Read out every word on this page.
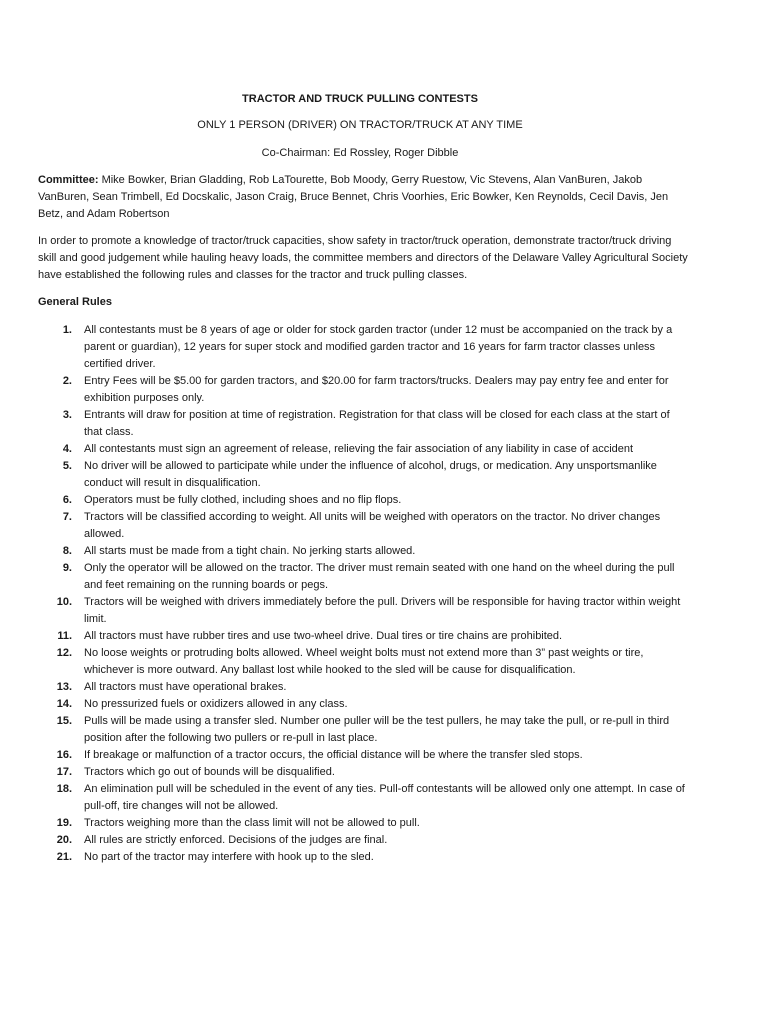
TRACTOR AND TRUCK PULLING CONTESTS
ONLY 1 PERSON (DRIVER) ON TRACTOR/TRUCK AT ANY TIME
Co-Chairman: Ed Rossley, Roger Dibble
Committee: Mike Bowker, Brian Gladding, Rob LaTourette, Bob Moody, Gerry Ruestow, Vic Stevens, Alan VanBuren, Jakob VanBuren, Sean Trimbell, Ed Docskalic, Jason Craig, Bruce Bennet, Chris Voorhies, Eric Bowker, Ken Reynolds, Cecil Davis, Jen Betz, and Adam Robertson
In order to promote a knowledge of tractor/truck capacities, show safety in tractor/truck operation, demonstrate tractor/truck driving skill and good judgement while hauling heavy loads, the committee members and directors of the Delaware Valley Agricultural Society have established the following rules and classes for the tractor and truck pulling classes.
General Rules
1. All contestants must be 8 years of age or older for stock garden tractor (under 12 must be accompanied on the track by a parent or guardian), 12 years for super stock and modified garden tractor and 16 years for farm tractor classes unless certified driver.
2. Entry Fees will be $5.00 for garden tractors, and $20.00 for farm tractors/trucks. Dealers may pay entry fee and enter for exhibition purposes only.
3. Entrants will draw for position at time of registration. Registration for that class will be closed for each class at the start of that class.
4. All contestants must sign an agreement of release, relieving the fair association of any liability in case of accident
5. No driver will be allowed to participate while under the influence of alcohol, drugs, or medication. Any unsportsmanlike conduct will result in disqualification.
6. Operators must be fully clothed, including shoes and no flip flops.
7. Tractors will be classified according to weight. All units will be weighed with operators on the tractor. No driver changes allowed.
8. All starts must be made from a tight chain. No jerking starts allowed.
9. Only the operator will be allowed on the tractor. The driver must remain seated with one hand on the wheel during the pull and feet remaining on the running boards or pegs.
10. Tractors will be weighed with drivers immediately before the pull. Drivers will be responsible for having tractor within weight limit.
11. All tractors must have rubber tires and use two-wheel drive. Dual tires or tire chains are prohibited.
12. No loose weights or protruding bolts allowed. Wheel weight bolts must not extend more than 3” past weights or tire, whichever is more outward. Any ballast lost while hooked to the sled will be cause for disqualification.
13. All tractors must have operational brakes.
14. No pressurized fuels or oxidizers allowed in any class.
15. Pulls will be made using a transfer sled. Number one puller will be the test pullers, he may take the pull, or re-pull in third position after the following two pullers or re-pull in last place.
16. If breakage or malfunction of a tractor occurs, the official distance will be where the transfer sled stops.
17. Tractors which go out of bounds will be disqualified.
18. An elimination pull will be scheduled in the event of any ties. Pull-off contestants will be allowed only one attempt. In case of pull-off, tire changes will not be allowed.
19. Tractors weighing more than the class limit will not be allowed to pull.
20. All rules are strictly enforced. Decisions of the judges are final.
21. No part of the tractor may interfere with hook up to the sled.
